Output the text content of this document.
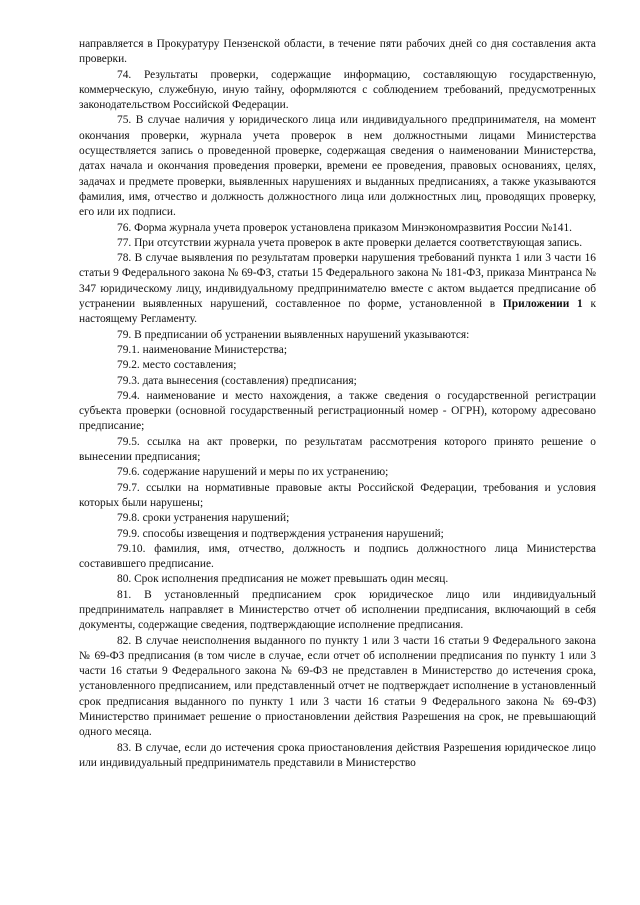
направляется в Прокуратуру Пензенской области, в течение пяти рабочих дней со дня составления акта проверки.

74. Результаты проверки, содержащие информацию, составляющую государственную, коммерческую, служебную, иную тайну, оформляются с соблюдением требований, предусмотренных законодательством Российской Федерации.

75. В случае наличия у юридического лица или индивидуального предпринимателя, на момент окончания проверки, журнала учета проверок в нем должностными лицами Министерства осуществляется запись о проведенной проверке, содержащая сведения о наименовании Министерства, датах начала и окончания проведения проверки, времени ее проведения, правовых основаниях, целях, задачах и предмете проверки, выявленных нарушениях и выданных предписаниях, а также указываются фамилия, имя, отчество и должность должностного лица или должностных лиц, проводящих проверку, его или их подписи.

76. Форма журнала учета проверок установлена приказом Минэкономразвития России №141.

77. При отсутствии журнала учета проверок в акте проверки делается соответствующая запись.

78. В случае выявления по результатам проверки нарушения требований пункта 1 или 3 части 16 статьи 9 Федерального закона № 69-ФЗ, статьи 15 Федерального закона № 181-ФЗ, приказа Минтранса № 347 юридическому лицу, индивидуальному предпринимателю вместе с актом выдается предписание об устранении выявленных нарушений, составленное по форме, установленной в Приложении 1 к настоящему Регламенту.

79. В предписании об устранении выявленных нарушений указываются:

79.1. наименование Министерства;

79.2. место составления;

79.3. дата вынесения (составления) предписания;

79.4. наименование и место нахождения, а также сведения о государственной регистрации субъекта проверки (основной государственный регистрационный номер - ОГРН), которому адресовано предписание;

79.5. ссылка на акт проверки, по результатам рассмотрения которого принято решение о вынесении предписания;

79.6. содержание нарушений и меры по их устранению;

79.7. ссылки на нормативные правовые акты Российской Федерации, требования и условия которых были нарушены;

79.8. сроки устранения нарушений;

79.9. способы извещения и подтверждения устранения нарушений;

79.10. фамилия, имя, отчество, должность и подпись должностного лица Министерства составившего предписание.

80. Срок исполнения предписания не может превышать один месяц.

81. В установленный предписанием срок юридическое лицо или индивидуальный предприниматель направляет в Министерство отчет об исполнении предписания, включающий в себя документы, содержащие сведения, подтверждающие исполнение предписания.

82. В случае неисполнения выданного по пункту 1 или 3 части 16 статьи 9 Федерального закона № 69-ФЗ предписания (в том числе в случае, если отчет об исполнении предписания по пункту 1 или 3 части 16 статьи 9 Федерального закона № 69-ФЗ не представлен в Министерство до истечения срока, установленного предписанием, или представленный отчет не подтверждает исполнение в установленный срок предписания выданного по пункту 1 или 3 части 16 статьи 9 Федерального закона № 69-ФЗ) Министерство принимает решение о приостановлении действия Разрешения на срок, не превышающий одного месяца.

83. В случае, если до истечения срока приостановления действия Разрешения юридическое лицо или индивидуальный предприниматель представили в Министерство
